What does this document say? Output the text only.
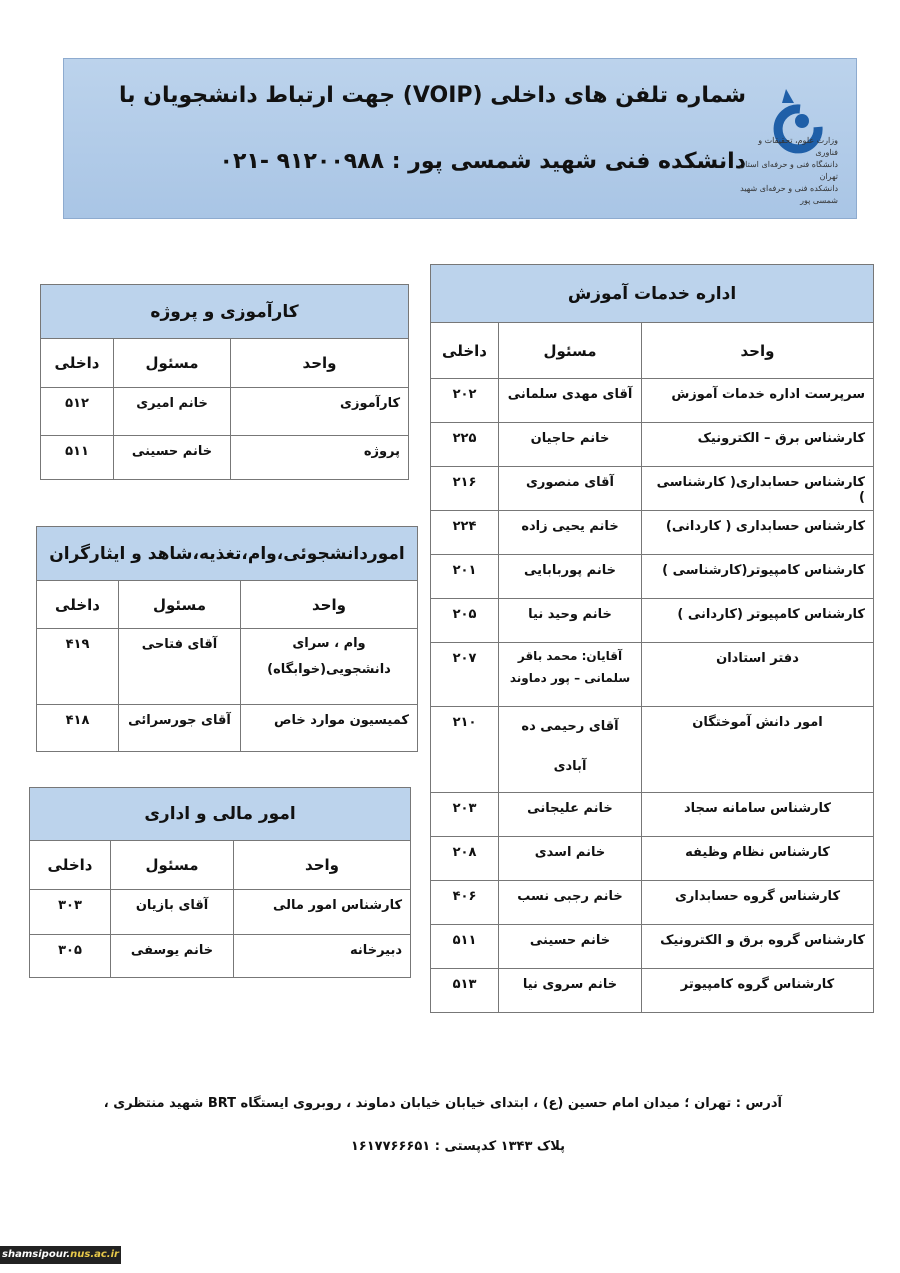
شماره تلفن های داخلی (VOIP) جهت ارتباط دانشجویان با
دانشکده فنی شهید شمسی پور : ۹۱۲۰۰۹۸۸ -۰۲۱
وزارت علوم، تحقیقات و فناوری
دانشگاه فنی و حرفه‌ای استان تهران
دانشکده فنی و حرفه‌ای شهید شمسی پور
اداره خدمات آموزش		
واحد	مسئول	داخلی
سرپرست اداره خدمات آموزش	آقای مهدی سلمانی	۲۰۲
کارشناس برق – الکترونیک	خانم حاجیان	۲۲۵
کارشناس حسابداری( کارشناسی )	آقای منصوری	۲۱۶
کارشناس حسابداری ( کاردانی)	خانم یحیی زاده	۲۲۴
کارشناس کامپیوتر(کارشناسی )	خانم پوربابایی	۲۰۱
کارشناس کامپیوتر (کاردانی )	خانم وحید نیا	۲۰۵
دفتر استادان	آقایان: محمد باقر سلمانی – پور دماوند	۲۰۷
امور دانش آموختگان	آقای رحیمی ده آبادی	۲۱۰
کارشناس سامانه سجاد	خانم علیجانی	۲۰۳
کارشناس نظام وظیفه	خانم اسدی	۲۰۸
کارشناس گروه حسابداری	خانم رجبی نسب	۴۰۶
کارشناس گروه برق و الکترونیک	خانم حسینی	۵۱۱
کارشناس گروه کامپیوتر	خانم سروی نیا	۵۱۳
کارآموزی و پروژه		
واحد	مسئول	داخلی
کارآموزی	خانم امیری	۵۱۲
پروژه	خانم حسینی	۵۱۱
اموردانشجوئی،وام،تغذیه،شاهد و ایثارگران		
واحد	مسئول	داخلی
وام ، سرای دانشجویی(خوابگاه)	آقای فتاحی	۴۱۹
کمیسیون موارد خاص	آقای جورسرائی	۴۱۸
امور مالی و اداری		
واحد	مسئول	داخلی
کارشناس امور مالی	آقای بازیان	۳۰۳
دبیرخانه	خانم یوسفی	۳۰۵
آدرس : تهران ؛ میدان امام حسین (ع) ، ابتدای خیابان خیابان دماوند ، روبروی ایستگاه BRT شهید منتظری ،
پلاک ۱۳۴۳ کدپستی : ۱۶۱۷۷۶۶۶۵۱
shamsipour.nus.ac.ir
